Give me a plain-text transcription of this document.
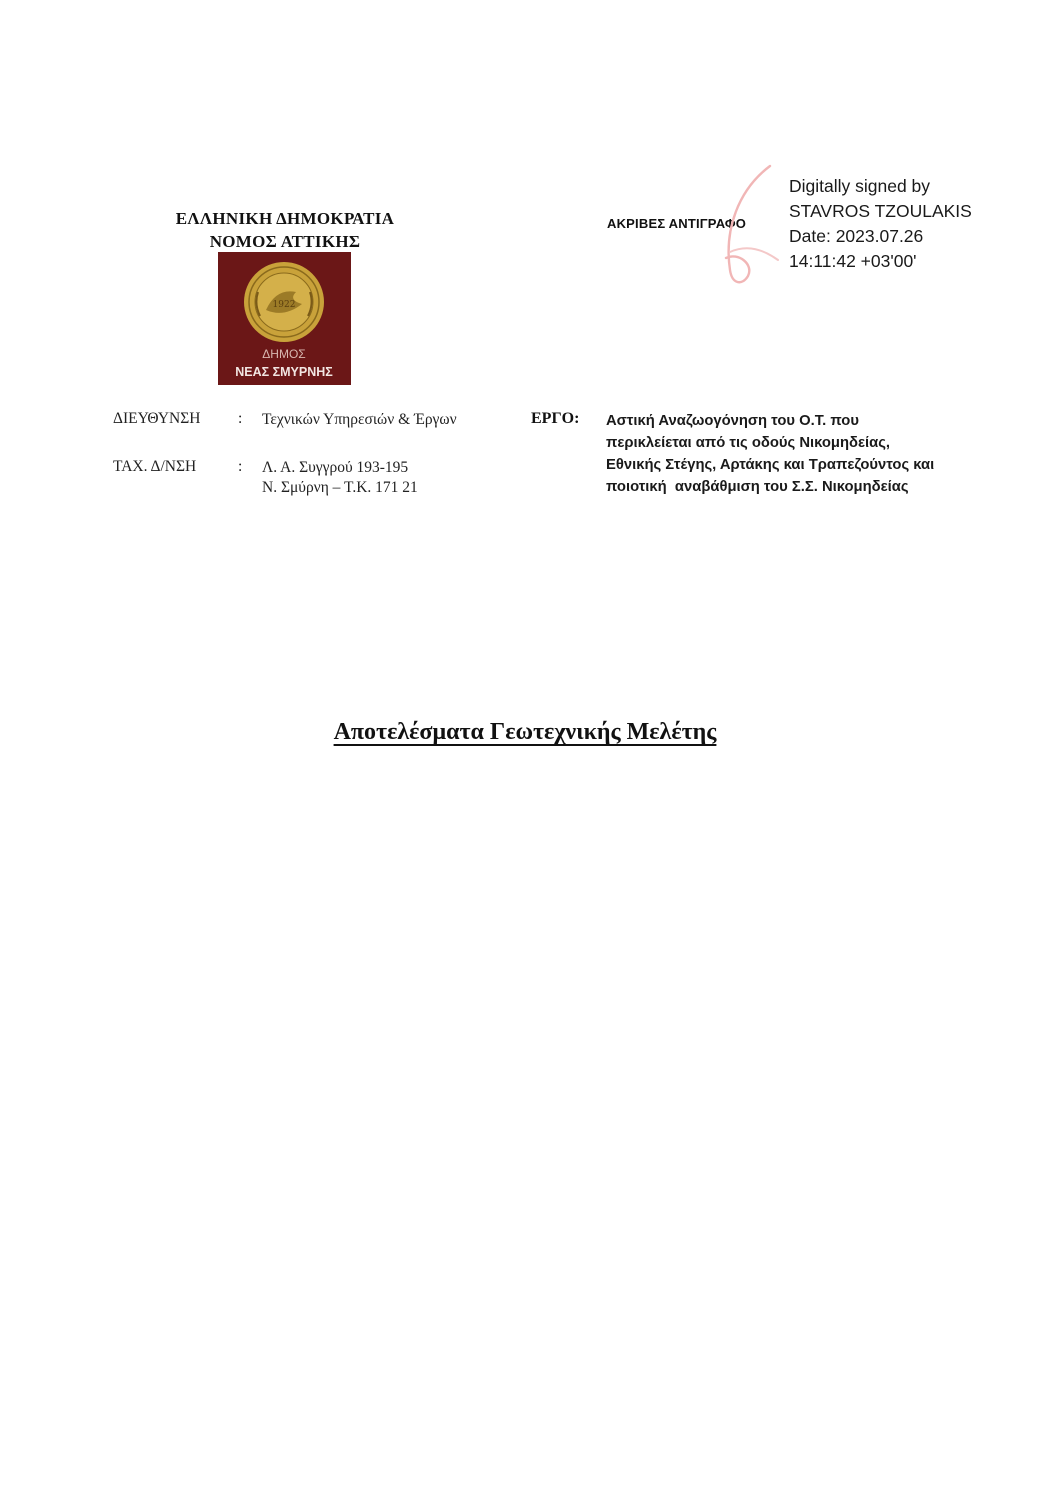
ΕΛΛΗΝΙΚΗ ΔΗΜΟΚΡΑΤΙΑ
ΝΟΜΟΣ ΑΤΤΙΚΗΣ
1922
ΔΗΜΟΣ
ΝΕΑΣ ΣΜΥΡΝΗΣ
ΑΚΡΙΒΕΣ ΑΝΤΙΓΡΑΦΟ
Digitally signed by
STAVROS TZOULAKIS
Date: 2023.07.26
14:11:42 +03'00'
ΔΙΕΥΘΥΝΣΗ	: Τεχνικών Υπηρεσιών & Έργων
ΤΑΧ. Δ/ΝΣΗ	: Λ. Α. Συγγρού 193-195
Ν. Σμύρνη – Τ.Κ. 171 21
ΕΡΓΟ: Αστική Αναζωογόνηση του Ο.Τ. που
περικλείεται από τις οδούς Νικομηδείας,
Εθνικής Στέγης, Αρτάκης και Τραπεζούντος και
ποιοτική  αναβάθμιση του Σ.Σ. Νικομηδείας
Αποτελέσματα Γεωτεχνικής Μελέτης
